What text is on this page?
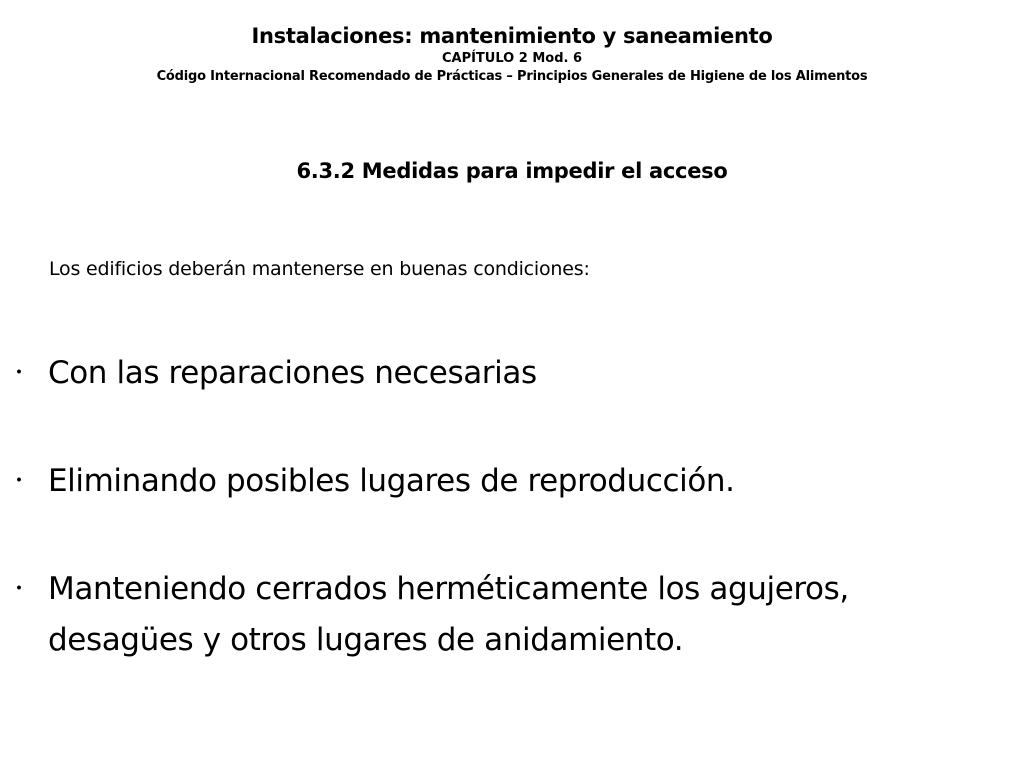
Instalaciones: mantenimiento y saneamiento
CAPÍTULO 2 Mod. 6
Código Internacional Recomendado de Prácticas – Principios Generales de Higiene de los Alimentos
6.3.2 Medidas para impedir el acceso
Los edificios deberán mantenerse en buenas condiciones:
・ Con las reparaciones necesarias
・ Eliminando posibles lugares de reproducción.
・ Manteniendo cerrados herméticamente los agujeros, desagües y otros lugares de anidamiento.
